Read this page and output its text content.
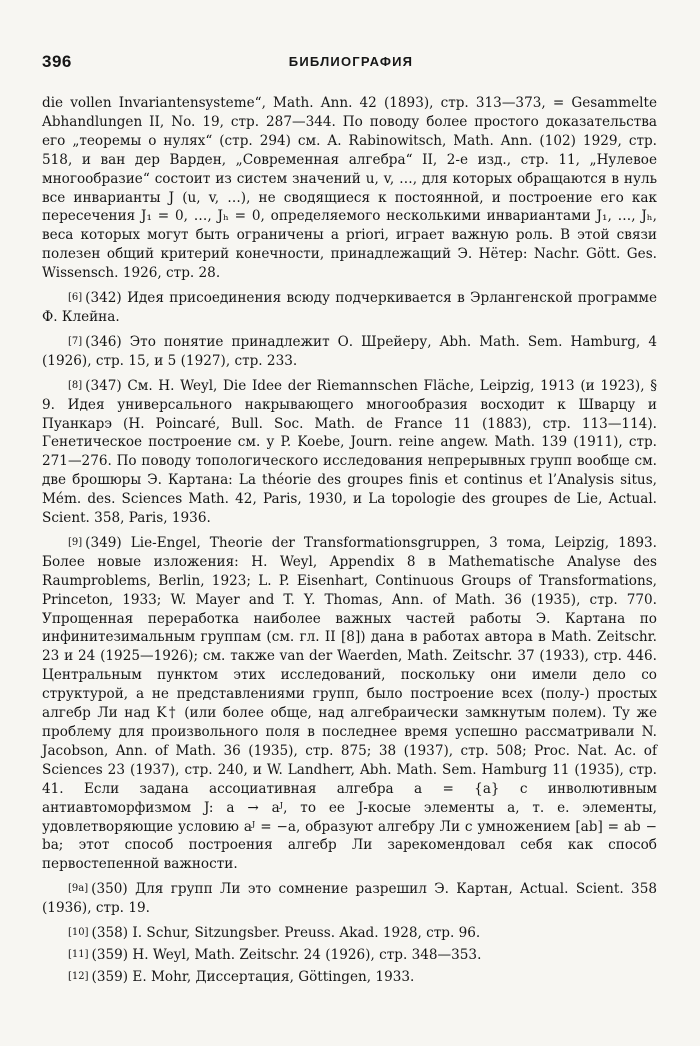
396	БИБЛИОГРАФИЯ

die vollen Invariantensysteme“, Math. Ann. 42 (1893), стр. 313—373, = Gesammelte Abhandlungen II, No. 19, стр. 287—344. По поводу более простого доказательства его „теоремы о нулях“ (стр. 294) см. A. Rabinowitsch, Math. Ann. (102) 1929, стр. 518, и ван дер Варден, „Современная алгебра“ II, 2-е изд., стр. 11, „Нулевое многообразие“ состоит из систем значений u, v, …, для которых обращаются в нуль все инварианты J (u, v, …), не сводящиеся к постоянной, и построение его как пересечения J₁ = 0, …, Jₕ = 0, определяемого несколькими инвариантами J₁, …, Jₕ, веса которых могут быть ограничены a priori, играет важную роль. В этой связи полезен общий критерий конечности, принадлежащий Э. Нётер: Nachr. Gött. Ges. Wissensch. 1926, стр. 28.

[6] (342) Идея присоединения всюду подчеркивается в Эрлангенской программе Ф. Клейна.

[7] (346) Это понятие принадлежит О. Шрейеру, Abh. Math. Sem. Hamburg, 4 (1926), стр. 15, и 5 (1927), стр. 233.

[8] (347) См. H. Weyl, Die Idee der Riemannschen Fläche, Leipzig, 1913 (и 1923), § 9. Идея универсального накрывающего многообразия восходит к Шварцу и Пуанкарэ (H. Poincaré, Bull. Soc. Math. de France 11 (1883), стр. 113—114). Генетическое построение см. у P. Koebe, Journ. reine angew. Math. 139 (1911), стр. 271—276. По поводу топологического исследования непрерывных групп вообще см. две брошюры Э. Картана: La théorie des groupes finis et continus et l’Analysis situs, Mém. des. Sciences Math. 42, Paris, 1930, и La topologie des groupes de Lie, Actual. Scient. 358, Paris, 1936.

[9] (349) Lie-Engel, Theorie der Transformationsgruppen, 3 тома, Leipzig, 1893. Более новые изложения: H. Weyl, Appendix 8 в Mathematische Analyse des Raumproblems, Berlin, 1923; L. P. Eisenhart, Continuous Groups of Transformations, Princeton, 1933; W. Mayer and T. Y. Thomas, Ann. of Math. 36 (1935), стр. 770. Упрощенная переработка наиболее важных частей работы Э. Картана по инфинитезимальным группам (см. гл. II [8]) дана в работах автора в Math. Zeitschr. 23 и 24 (1925—1926); см. также van der Waerden, Math. Zeitschr. 37 (1933), стр. 446. Центральным пунктом этих исследований, поскольку они имели дело со структурой, а не представлениями групп, было построение всех (полу-) простых алгебр Ли над K† (или более обще, над алгебраически замкнутым полем). Ту же проблему для произвольного поля в последнее время успешно рассматривали N. Jacobson, Ann. of Math. 36 (1935), стр. 875; 38 (1937), стр. 508; Proc. Nat. Ac. of Sciences 23 (1937), стр. 240, и W. Landherr, Abh. Math. Sem. Hamburg 11 (1935), стр. 41. Если задана ассоциативная алгебра a = {a} с инволютивным антиавтоморфизмом J: a → aᴶ, то ее J-косые элементы a, т. е. элементы, удовлетворяющие условию aᴶ = −a, образуют алгебру Ли с умножением [ab] = ab − ba; этот способ построения алгебр Ли зарекомендовал себя как способ первостепенной важности.

[9a] (350) Для групп Ли это сомнение разрешил Э. Картан, Actual. Scient. 358 (1936), стр. 19.

[10] (358) I. Schur, Sitzungsber. Preuss. Akad. 1928, стр. 96.

[11] (359) H. Weyl, Math. Zeitschr. 24 (1926), стр. 348—353.

[12] (359) E. Mohr, Диссертация, Göttingen, 1933.
